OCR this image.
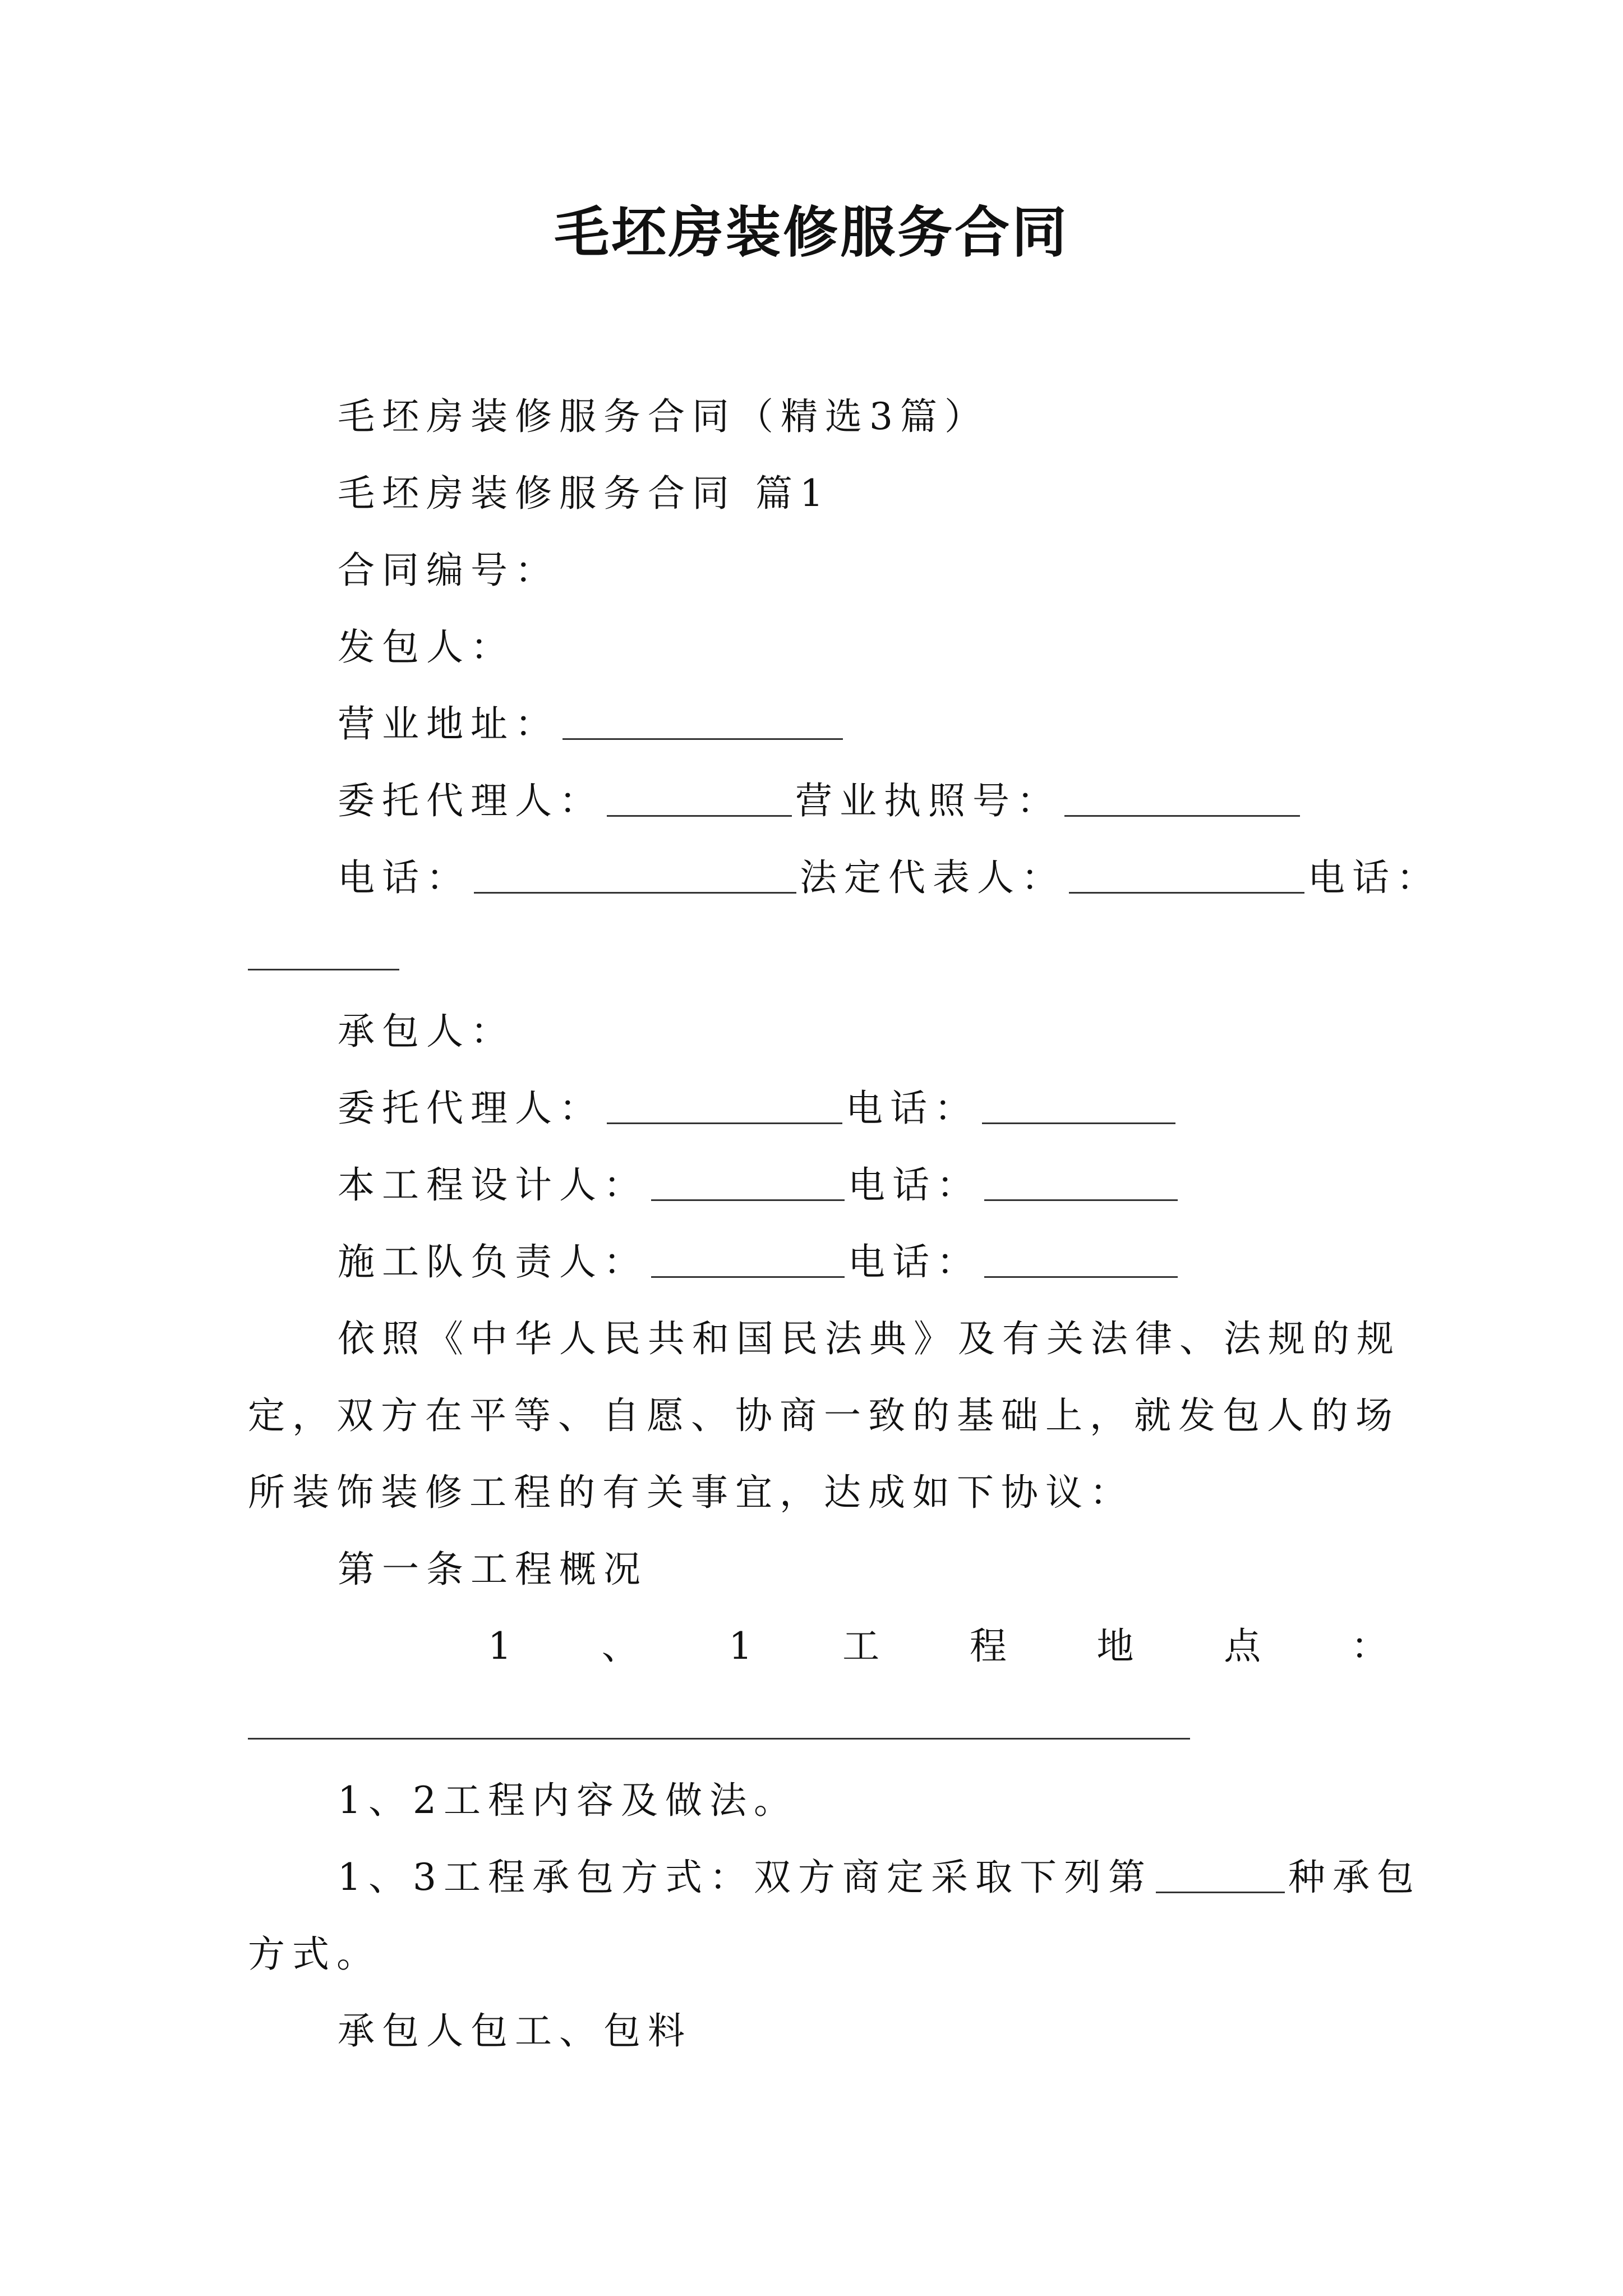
毛坯房装修服务合同
毛坯房装修服务合同（精选3篇）
毛坯房装修服务合同 篇1
合同编号：
发包人：
营业地址：
委托代理人：	营业执照号：
电话：	法定代表人：	电话：
承包人：
委托代理人：	电话：
本工程设计人：	电话：
施工队负责人：	电话：
依照《中华人民共和国民法典》及有关法律、法规的规
定，双方在平等、自愿、协商一致的基础上，就发包人的场
所装饰装修工程的有关事宜，达成如下协议：
第一条工程概况
1 、 1 工 程 地 点 ：
1、2工程内容及做法。
1、3工程承包方式：双方商定采取下列第	种承包
方式。
承包人包工、包料
